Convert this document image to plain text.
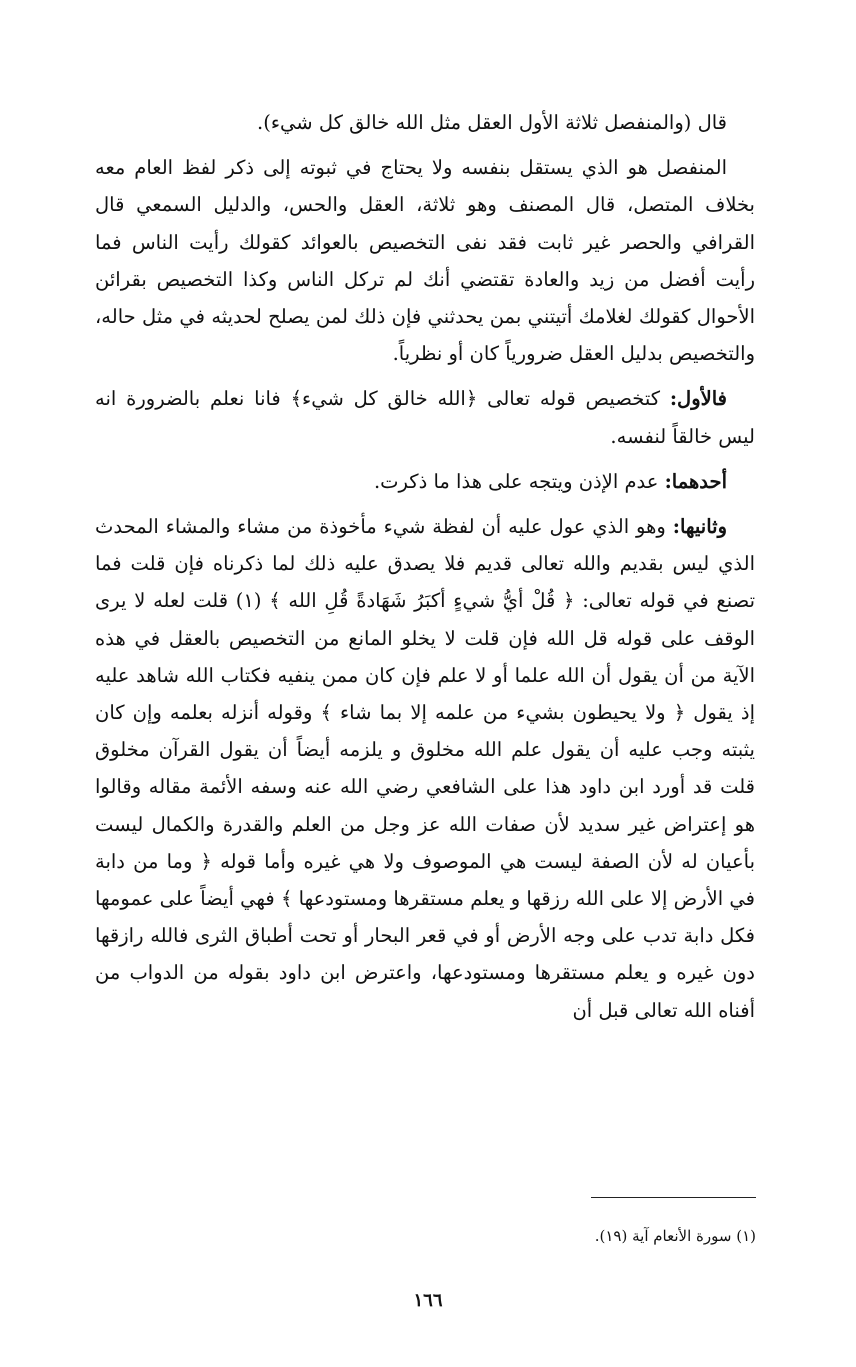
قال (والمنفصل ثلاثة الأول العقل مثل الله خالق كل شيء).

المنفصل هو الذي يستقل بنفسه ولا يحتاج في ثبوته إلى ذكر لفظ العام معه بخلاف المتصل، قال المصنف وهو ثلاثة، العقل والحس، والدليل السمعي قال القرافي والحصر غير ثابت فقد نفى التخصيص بالعوائد كقولك رأيت الناس فما رأيت أفضل من زيد والعادة تقتضي أنك لم تركل الناس وكذا التخصيص بقرائن الأحوال كقولك لغلامك أتيتني بمن يحدثني فإن ذلك لمن يصلح لحديثه في مثل حاله، والتخصيص بدليل العقل ضرورياً كان أو نظرياً.

فالأول: كتخصيص قوله تعالى ﴿الله خالق كل شيء﴾ فانا نعلم بالضرورة انه ليس خالقاً لنفسه.

أحدهما: عدم الإذن ويتجه على هذا ما ذكرت.

وثانيها: وهو الذي عول عليه أن لفظة شيء مأخوذة من مشاء والمشاء المحدث الذي ليس بقديم والله تعالى قديم فلا يصدق عليه ذلك لما ذكرناه فإن قلت فما تصنع في قوله تعالى: ﴿ قُلْ أيُّ شيءٍ أكبَرُ شَهَادةً قُلِ الله ﴾ (١) قلت لعله لا يرى الوقف على قوله قل الله فإن قلت لا يخلو المانع من التخصيص بالعقل في هذه الآية من أن يقول أن الله علما أو لا علم فإن كان ممن ينفيه فكتاب الله شاهد عليه إذ يقول ﴿ ولا يحيطون بشيء من علمه إلا بما شاء ﴾ وقوله أنزله بعلمه وإن كان يثبته وجب عليه أن يقول علم الله مخلوق و يلزمه أيضاً أن يقول القرآن مخلوق قلت قد أورد ابن داود هذا على الشافعي رضي الله عنه وسفه الأئمة مقاله وقالوا هو إعتراض غير سديد لأن صفات الله عز وجل من العلم والقدرة والكمال ليست بأعيان له لأن الصفة ليست هي الموصوف ولا هي غيره وأما قوله ﴿ وما من دابة في الأرض إلا على الله رزقها و يعلم مستقرها ومستودعها ﴾ فهي أيضاً على عمومها فكل دابة تدب على وجه الأرض أو في قعر البحار أو تحت أطباق الثرى فالله رازقها دون غيره و يعلم مستقرها ومستودعها، واعترض ابن داود بقوله من الدواب من أفناه الله تعالى قبل أن

(١) سورة الأنعام آية (١٩).
١٦٦
